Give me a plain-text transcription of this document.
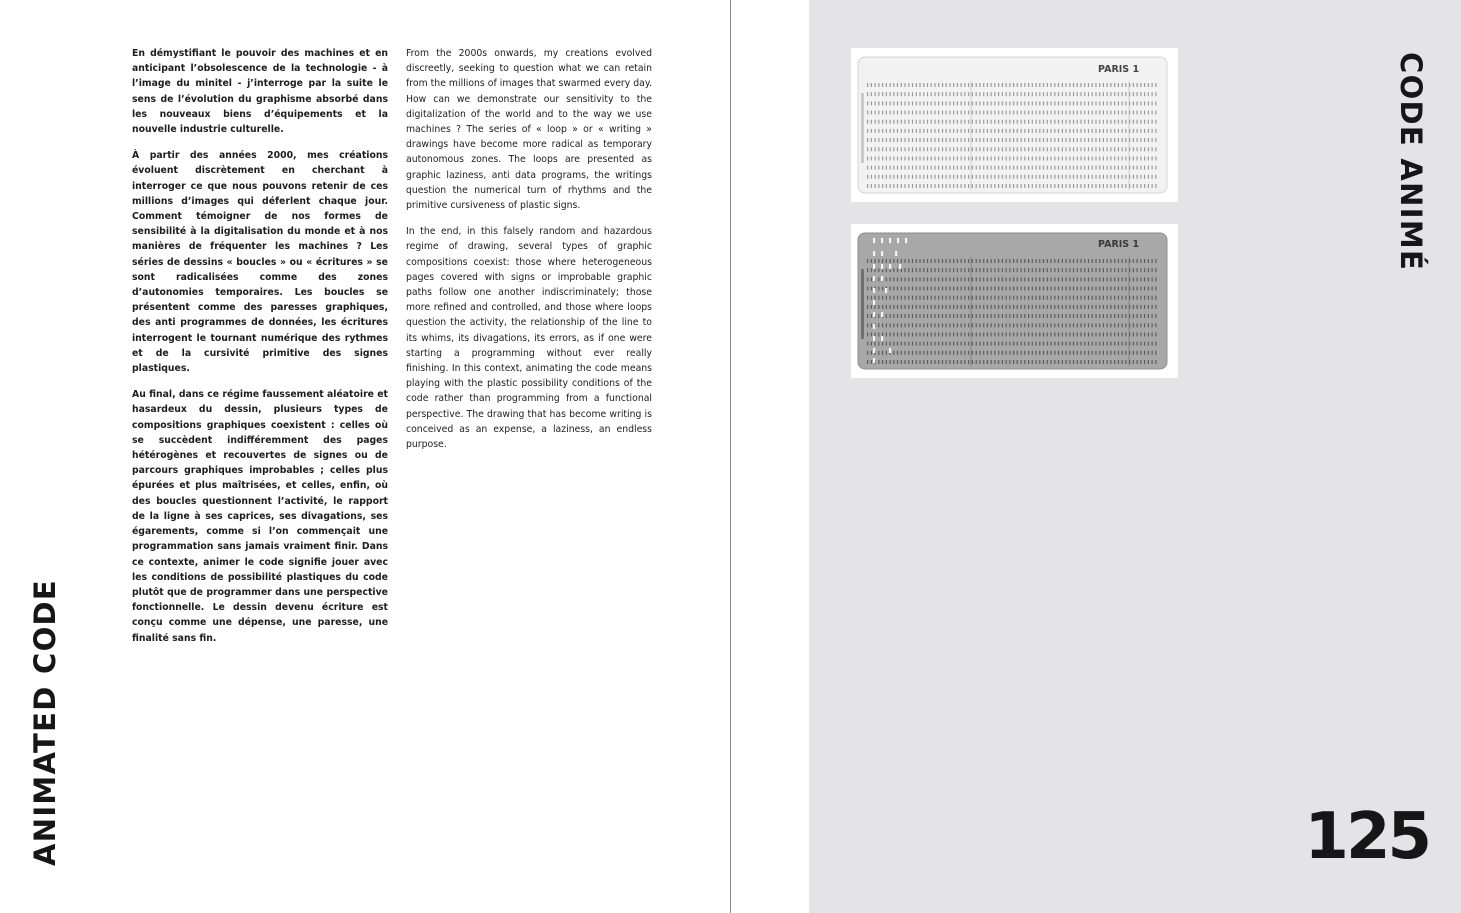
ANIMATED CODE
CODE ANIMÉ

En démystifiant le pouvoir des machines et en anticipant l’obsolescence de la technologie - à l’image du minitel - j’interroge par la suite le sens de l’évolution du graphisme absorbé dans les nouveaux biens d’équipements et la nouvelle industrie culturelle.

À partir des années 2000, mes créations évoluent discrètement en cherchant à interroger ce que nous pouvons retenir de ces millions d’images qui déferlent chaque jour. Comment témoigner de nos formes de sensibilité à la digitalisation du monde et à nos manières de fréquenter les machines ? Les séries de dessins « boucles » ou « écritures » se sont radicalisées comme des zones d’autonomies temporaires. Les boucles se présentent comme des paresses graphiques, des anti programmes de données, les écritures interrogent le tournant numérique des rythmes et de la cursivité primitive des signes plastiques.

Au final, dans ce régime faussement aléatoire et hasardeux du dessin, plusieurs types de compositions graphiques coexistent : celles où se succèdent indifféremment des pages hétérogènes et recouvertes de signes ou de parcours graphiques improbables ; celles plus épurées et plus maîtrisées, et celles, enfin, où des boucles questionnent l’activité, le rapport de la ligne à ses caprices, ses divagations, ses égarements, comme si l’on commençait une programmation sans jamais vraiment finir. Dans ce contexte, animer le code signifie jouer avec les conditions de possibilité plastiques du code plutôt que de programmer dans une perspective fonctionnelle. Le dessin devenu écriture est conçu comme une dépense, une paresse, une finalité sans fin.

From the 2000s onwards, my creations evolved discreetly, seeking to question what we can retain from the millions of images that swarmed every day. How can we demonstrate our sensitivity to the digitalization of the world and to the way we use machines ? The series of « loop » or « writing » drawings have become more radical as temporary autonomous zones. The loops are presented as graphic laziness, anti data programs, the writings question the numerical turn of rhythms and the primitive cursiveness of plastic signs.

In the end, in this falsely random and hazardous regime of drawing, several types of graphic compositions coexist: those where heterogeneous pages covered with signs or improbable graphic paths follow one another indiscriminately; those more refined and controlled, and those where loops question the activity, the relationship of the line to its whims, its divagations, its errors, as if one were starting a programming without ever really finishing. In this context, animating the code means playing with the plastic possibility conditions of the code rather than programming from a functional perspective. The drawing that has become writing is conceived as an expense, a laziness, an endless purpose.

PARIS 1
PARIS 1
125
